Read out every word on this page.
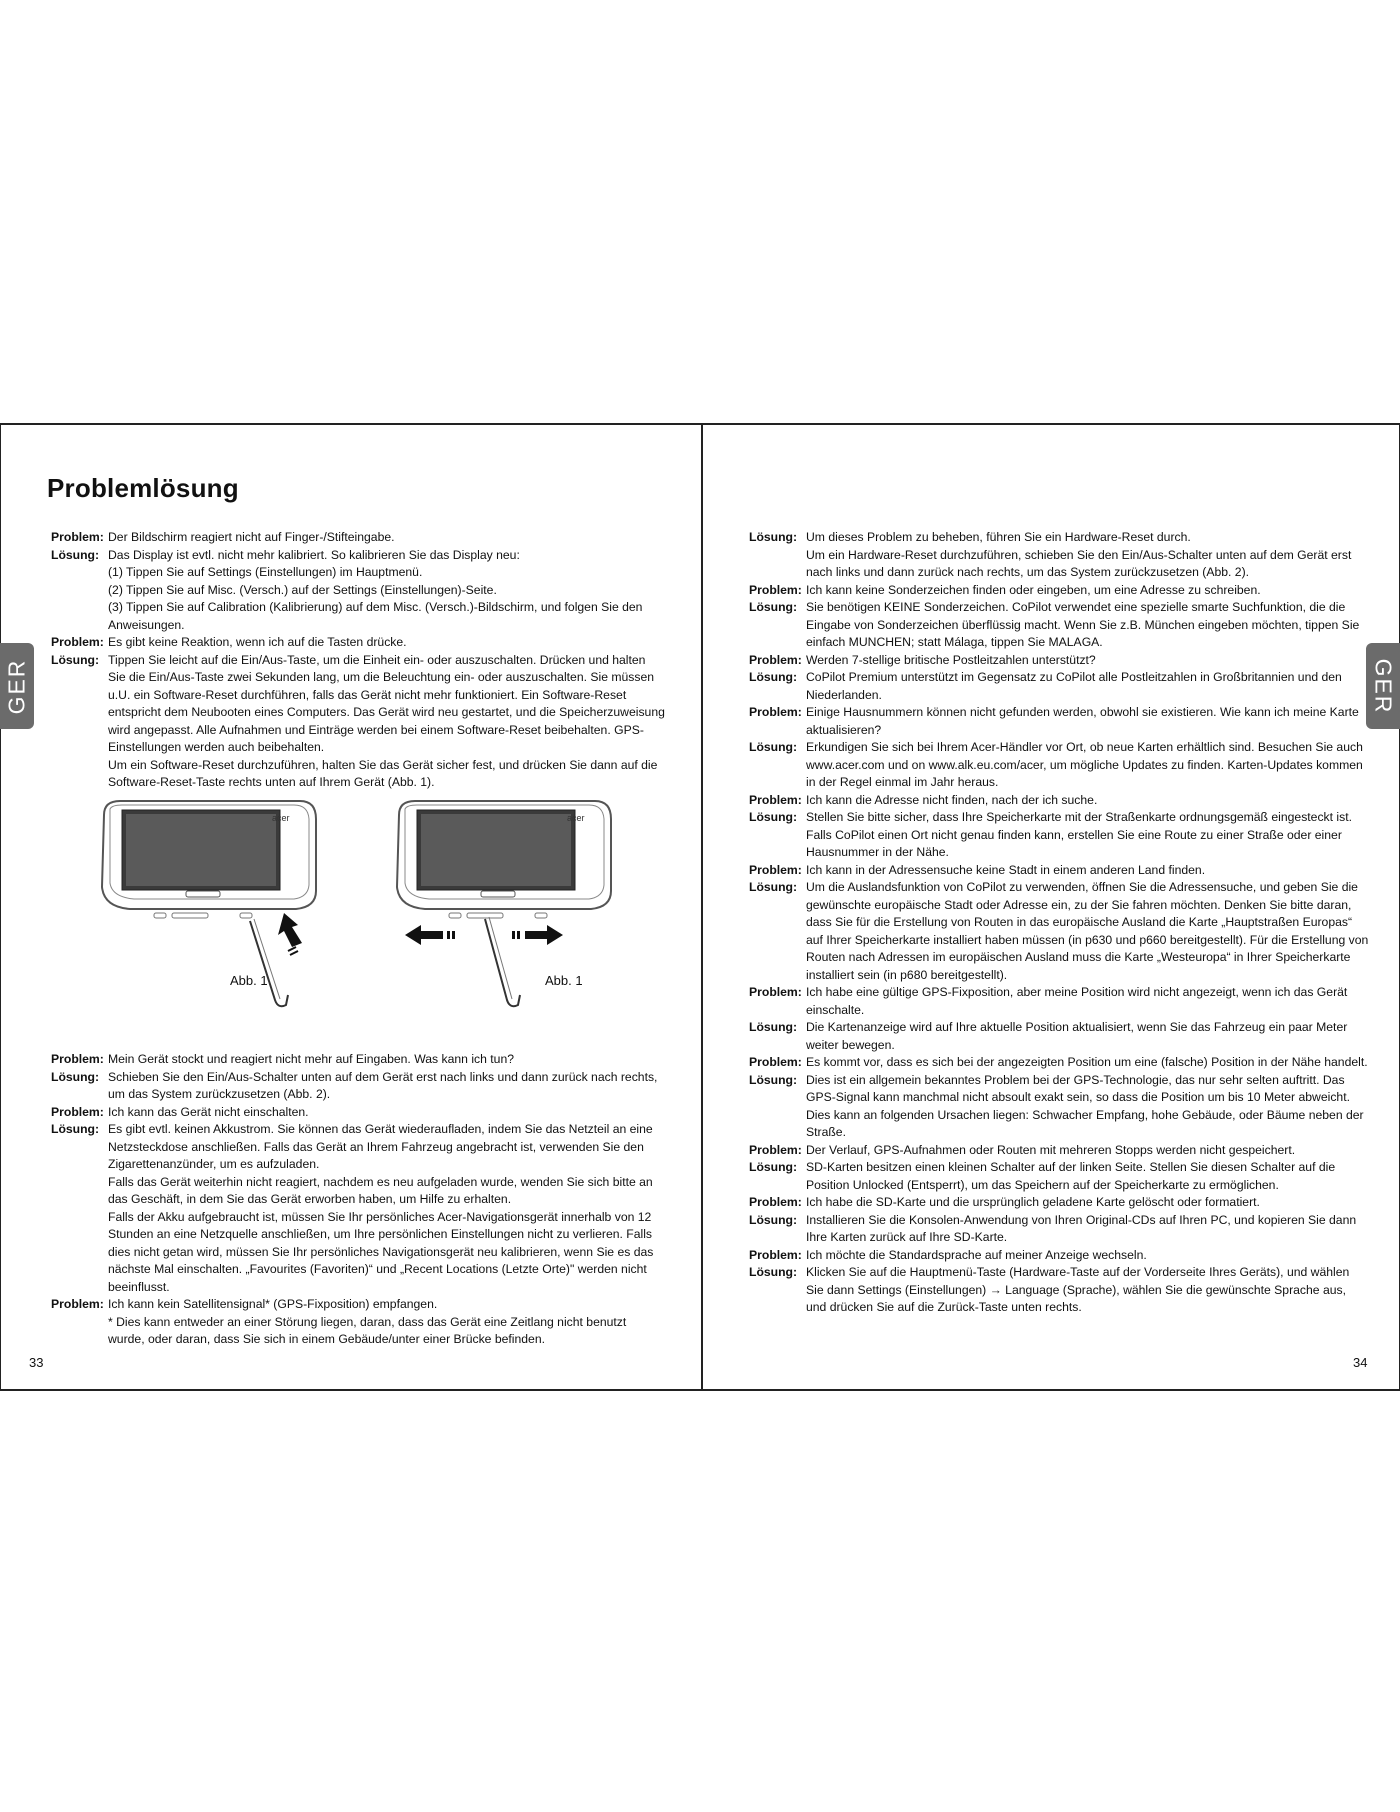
Problemlösung
Problem: Der Bildschirm reagiert nicht auf Finger-/Stifteingabe.
Lösung: Das Display ist evtl. nicht mehr kalibriert. So kalibrieren Sie das Display neu:
(1) Tippen Sie auf Settings (Einstellungen) im Hauptmenü.
(2) Tippen Sie auf Misc. (Versch.) auf der Settings (Einstellungen)-Seite.
(3) Tippen Sie auf Calibration (Kalibrierung) auf dem Misc. (Versch.)-Bildschirm, und folgen Sie den Anweisungen.
Problem: Es gibt keine Reaktion, wenn ich auf die Tasten drücke.
Lösung: Tippen Sie leicht auf die Ein/Aus-Taste, um die Einheit ein- oder auszuschalten. Drücken und halten Sie die Ein/Aus-Taste zwei Sekunden lang, um die Beleuchtung ein- oder auszuschalten. Sie müssen u.U. ein Software-Reset durchführen, falls das Gerät nicht mehr funktioniert. Ein Software-Reset entspricht dem Neubooten eines Computers. Das Gerät wird neu gestartet, und die Speicherzuweisung wird angepasst. Alle Aufnahmen und Einträge werden bei einem Software-Reset beibehalten. GPS-Einstellungen werden auch beibehalten.
Um ein Software-Reset durchzuführen, halten Sie das Gerät sicher fest, und drücken Sie dann auf die Software-Reset-Taste rechts unten auf Ihrem Gerät (Abb. 1).
Problem: Mein Gerät stockt und reagiert nicht mehr auf Eingaben. Was kann ich tun?
Lösung: Schieben Sie den Ein/Aus-Schalter unten auf dem Gerät erst nach links und dann zurück nach rechts, um das System zurückzusetzen (Abb. 2).
Problem: Ich kann das Gerät nicht einschalten.
Lösung: Es gibt evtl. keinen Akkustrom. Sie können das Gerät wiederaufladen, indem Sie das Netzteil an eine Netzsteckdose anschließen. Falls das Gerät an Ihrem Fahrzeug angebracht ist, verwenden Sie den Zigarettenanzünder, um es aufzuladen.
Falls das Gerät weiterhin nicht reagiert, nachdem es neu aufgeladen wurde, wenden Sie sich bitte an das Geschäft, in dem Sie das Gerät erworben haben, um Hilfe zu erhalten.
Falls der Akku aufgebraucht ist, müssen Sie Ihr persönliches Acer-Navigationsgerät innerhalb von 12 Stunden an eine Netzquelle anschließen, um Ihre persönlichen Einstellungen nicht zu verlieren. Falls dies nicht getan wird, müssen Sie Ihr persönliches Navigationsgerät neu kalibrieren, wenn Sie es das nächste Mal einschalten. „Favourites (Favoriten)“ und „Recent Locations (Letzte Orte)" werden nicht beeinflusst.
Problem: Ich kann kein Satellitensignal* (GPS-Fixposition) empfangen.
* Dies kann entweder an einer Störung liegen, daran, dass das Gerät eine Zeitlang nicht benutzt wurde, oder daran, dass Sie sich in einem Gebäude/unter einer Brücke befinden.
33
Lösung: Um dieses Problem zu beheben, führen Sie ein Hardware-Reset durch.
Um ein Hardware-Reset durchzuführen, schieben Sie den Ein/Aus-Schalter unten auf dem Gerät erst nach links und dann zurück nach rechts, um das System zurückzusetzen (Abb. 2).
Problem: Ich kann keine Sonderzeichen finden oder eingeben, um eine Adresse zu schreiben.
Lösung: Sie benötigen KEINE Sonderzeichen. CoPilot verwendet eine spezielle smarte Suchfunktion, die die Eingabe von Sonderzeichen überflüssig macht. Wenn Sie z.B. München eingeben möchten, tippen Sie einfach MUNCHEN; statt Málaga, tippen Sie MALAGA.
Problem: Werden 7-stellige britische Postleitzahlen unterstützt?
Lösung: CoPilot Premium unterstützt im Gegensatz zu CoPilot alle Postleitzahlen in Großbritannien und den Niederlanden.
Problem: Einige Hausnummern können nicht gefunden werden, obwohl sie existieren. Wie kann ich meine Karte aktualisieren?
Lösung: Erkundigen Sie sich bei Ihrem Acer-Händler vor Ort, ob neue Karten erhältlich sind. Besuchen Sie auch www.acer.com und on www.alk.eu.com/acer, um mögliche Updates zu finden. Karten-Updates kommen in der Regel einmal im Jahr heraus.
Problem: Ich kann die Adresse nicht finden, nach der ich suche.
Lösung: Stellen Sie bitte sicher, dass Ihre Speicherkarte mit der Straßenkarte ordnungsgemäß eingesteckt ist. Falls CoPilot einen Ort nicht genau finden kann, erstellen Sie eine Route zu einer Straße oder einer Hausnummer in der Nähe.
Problem: Ich kann in der Adressensuche keine Stadt in einem anderen Land finden.
Lösung: Um die Auslandsfunktion von CoPilot zu verwenden, öffnen Sie die Adressensuche, und geben Sie die gewünschte europäische Stadt oder Adresse ein, zu der Sie fahren möchten. Denken Sie bitte daran, dass Sie für die Erstellung von Routen in das europäische Ausland die Karte „Hauptstraßen Europas“ auf Ihrer Speicherkarte installiert haben müssen (in p630 und p660 bereitgestellt). Für die Erstellung von Routen nach Adressen im europäischen Ausland muss die Karte „Westeuropa“ in Ihrer Speicherkarte installiert sein (in p680 bereitgestellt).
Problem: Ich habe eine gültige GPS-Fixposition, aber meine Position wird nicht angezeigt, wenn ich das Gerät einschalte.
Lösung: Die Kartenanzeige wird auf Ihre aktuelle Position aktualisiert, wenn Sie das Fahrzeug ein paar Meter weiter bewegen.
Problem: Es kommt vor, dass es sich bei der angezeigten Position um eine (falsche) Position in der Nähe handelt.
Lösung: Dies ist ein allgemein bekanntes Problem bei der GPS-Technologie, das nur sehr selten auftritt. Das GPS-Signal kann manchmal nicht absoult exakt sein, so dass die Position um bis 10 Meter abweicht. Dies kann an folgenden Ursachen liegen: Schwacher Empfang, hohe Gebäude, oder Bäume neben der Straße.
Problem: Der Verlauf, GPS-Aufnahmen oder Routen mit mehreren Stopps werden nicht gespeichert.
Lösung: SD-Karten besitzen einen kleinen Schalter auf der linken Seite. Stellen Sie diesen Schalter auf die Position Unlocked (Entsperrt), um das Speichern auf der Speicherkarte zu ermöglichen.
Problem: Ich habe die SD-Karte und die ursprünglich geladene Karte gelöscht oder formatiert.
Lösung: Installieren Sie die Konsolen-Anwendung von Ihren Original-CDs auf Ihren PC, und kopieren Sie dann Ihre Karten zurück auf Ihre SD-Karte.
Problem: Ich möchte die Standardsprache auf meiner Anzeige wechseln.
Lösung: Klicken Sie auf die Hauptmenü-Taste (Hardware-Taste auf der Vorderseite Ihres Geräts), und wählen Sie dann Settings (Einstellungen) → Language (Sprache), wählen Sie die gewünschte Sprache aus, und drücken Sie auf die Zurück-Taste unten rechts.
34
GER	GER
acer	acer
Abb. 1	Abb. 1
